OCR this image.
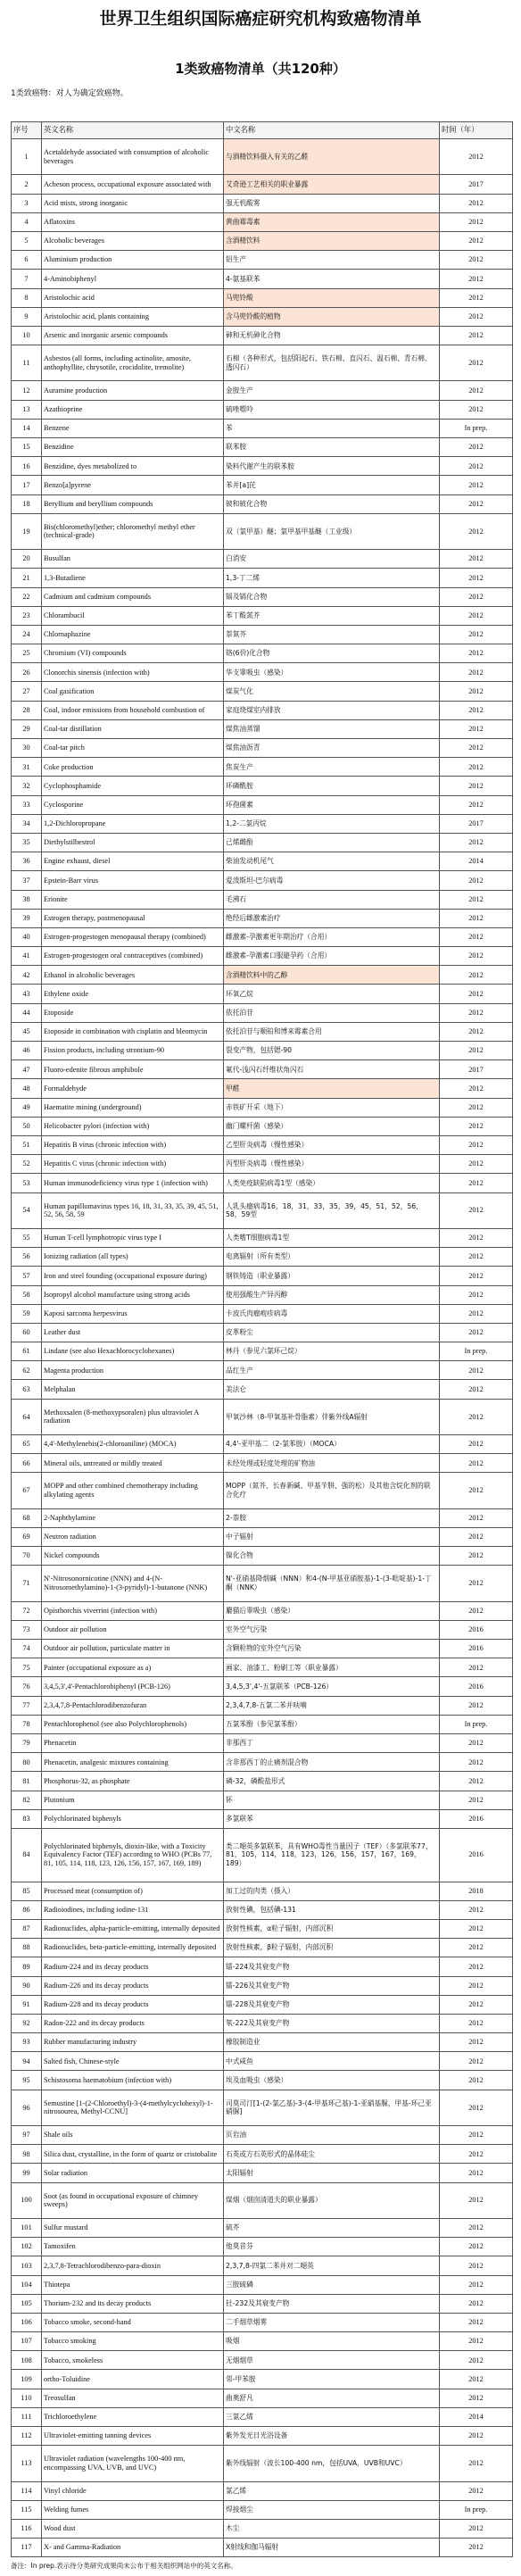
世界卫生组织国际癌症研究机构致癌物清单
1类致癌物清单（共120种）
1类致癌物：对人为确定致癌物。
序号	英文名称	中文名称	时间（年）
1	Acetaldehyde associated with consumption of alcoholic beverages	与酒精饮料摄入有关的乙醛	2012
2	Acheson process, occupational exposure associated with	艾奇逊工艺相关的职业暴露	2017
3	Acid mists, strong inorganic	强无机酸雾	2012
4	Aflatoxins	黄曲霉毒素	2012
5	Alcoholic beverages	含酒精饮料	2012
6	Aluminium production	铝生产	2012
7	4-Aminobiphenyl	4-氨基联苯	2012
8	Aristolochic acid	马兜铃酸	2012
9	Aristolochic acid, plants containing	含马兜铃酸的植物	2012
10	Arsenic and inorganic arsenic compounds	砷和无机砷化合物	2012
11	Asbestos (all forms, including actinolite, amosite, anthophyllite, chrysotile, crocidolite, tremolite)	石棉（各种形式，包括阳起石、铁石棉、直闪石、温石棉、青石棉、透闪石）	2012
12	Auramine production	金胺生产	2012
13	Azathioprine	硫唑嘌呤	2012
14	Benzene	苯	In prep.
15	Benzidine	联苯胺	2012
16	Benzidine, dyes metabolized to	染料代谢产生的联苯胺	2012
17	Benzo[a]pyrene	苯并[a]芘	2012
18	Beryllium and beryllium compounds	铍和铍化合物	2012
19	Bis(chloromethyl)ether; chloromethyl methyl ether (technical-grade)	双（氯甲基）醚；氯甲基甲基醚（工业级）	2012
20	Busulfan	白消安	2012
21	1,3-Butadiene	1,3-丁二烯	2012
22	Cadmium and cadmium compounds	镉及镉化合物	2012
23	Chlorambucil	苯丁酸氮芥	2012
24	Chlornaphazine	萘氮芥	2012
25	Chromium (VI) compounds	铬(6价)化合物	2012
26	Clonorchis sinensis (infection with)	华支睾吸虫（感染）	2012
27	Coal gasification	煤炭气化	2012
28	Coal, indoor emissions from household combustion of	家庭烧煤室内排放	2012
29	Coal-tar distillation	煤焦油蒸馏	2012
30	Coal-tar pitch	煤焦油沥青	2012
31	Coke production	焦炭生产	2012
32	Cyclophosphamide	环磷酰胺	2012
33	Cyclosporine	环孢菌素	2012
34	1,2-Dichloropropane	1,2-二氯丙烷	2017
35	Diethylstilbestrol	己烯雌酚	2012
36	Engine exhaust, diesel	柴油发动机尾气	2014
37	Epstein-Barr virus	爱泼斯坦-巴尔病毒	2012
38	Erionite	毛沸石	2012
39	Estrogen therapy, postmenopausal	绝经后雌激素治疗	2012
40	Estrogen-progestogen menopausal therapy (combined)	雌激素-孕激素更年期治疗（合用）	2012
41	Estrogen-progestogen oral contraceptives (combined)	雌激素-孕激素口服避孕药（合用）	2012
42	Ethanol in alcoholic beverages	含酒精饮料中的乙醇	2012
43	Ethylene oxide	环氧乙烷	2012
44	Etoposide	依托泊苷	2012
45	Etoposide in combination with cisplatin and bleomycin	依托泊苷与顺铂和博来霉素合用	2012
46	Fission products, including strontium-90	裂变产物，包括锶-90	2012
47	Fluoro-edenite fibrous amphibole	氟代-浅闪石纤维状角闪石	2017
48	Formaldehyde	甲醛	2012
49	Haematite mining (underground)	赤铁矿开采（地下）	2012
50	Helicobacter pylori (infection with)	幽门螺杆菌（感染）	2012
51	Hepatitis B virus (chronic infection with)	乙型肝炎病毒（慢性感染）	2012
52	Hepatitis C virus (chronic infection with)	丙型肝炎病毒（慢性感染）	2012
53	Human immunodeficiency virus type 1 (infection with)	人类免疫缺陷病毒1型（感染）	2012
54	Human papillomavirus types 16, 18, 31, 33, 35, 39, 45, 51, 52, 56, 58, 59	人乳头瘤病毒16，18，31，33，35，39，45，51，52，56，58，59型	2012
55	Human T-cell lymphotropic virus type I	人类嗜T细胞病毒1型	2012
56	Ionizing radiation (all types)	电离辐射（所有类型）	2012
57	Iron and steel founding (occupational exposure during)	钢铁铸造（职业暴露）	2012
58	Isopropyl alcohol manufacture using strong acids	使用强酸生产异丙醇	2012
59	Kaposi sarcoma herpesvirus	卡波氏肉瘤疱疹病毒	2012
60	Leather dust	皮革粉尘	2012
61	Lindane (see also Hexachlorocyclohexanes)	林丹（参见六氯环己烷）	In prep.
62	Magenta production	品红生产	2012
63	Melphalan	美法仑	2012
64	Methoxsalen (8-methoxypsoralen) plus ultraviolet A radiation	甲氧沙林（8-甲氧基补骨脂素）伴紫外线A辐射	2012
65	4,4'-Methylenebis(2-chloroaniline) (MOCA)	4,4'-亚甲基二（2-氯苯胺）（MOCA）	2012
66	Mineral oils, untreated or mildly treated	未经处理或轻度处理的矿物油	2012
67	MOPP and other combined chemotherapy including alkylating agents	MOPP（氮芥、长春新碱、甲基苄肼、强的松）及其他含烷化剂的联合化疗	2012
68	2-Naphthylamine	2-萘胺	2012
69	Neutron radiation	中子辐射	2012
70	Nickel compounds	镍化合物	2012
71	N'-Nitrosonornicotine (NNN) and 4-(N-Nitrosomethylamino)-1-(3-pyridyl)-1-butanone (NNK)	N'-亚硝基降烟碱（NNN）和4-(N-甲基亚硝胺基)-1-(3-吡啶基)-1-丁酮（NNK）	2012
72	Opisthorchis viverrini (infection with)	麝猫后睾吸虫（感染）	2012
73	Outdoor air pollution	室外空气污染	2016
74	Outdoor air pollution, particulate matter in	含颗粒物的室外空气污染	2016
75	Painter (occupational exposure as a)	画家、油漆工、粉刷工等（职业暴露）	2012
76	3,4,5,3',4'-Pentachlorobiphenyl (PCB-126)	3,4,5,3',4'-五氯联苯（PCB-126）	2016
77	2,3,4,7,8-Pentachlorodibenzofuran	2,3,4,7,8-五氯二苯并呋喃	2012
78	Pentachlorophenol (see also Polychlorophenols)	五氯苯酚（参见氯苯酚）	In prep.
79	Phenacetin	非那西丁	2012
80	Phenacetin, analgesic mixtures containing	含非那西丁的止痛剂混合物	2012
81	Phosphorus-32, as phosphate	磷-32，磷酸盐形式	2012
82	Plutonium	钚	2012
83	Polychlorinated biphenyls	多氯联苯	2016
84	Polychlorinated biphenyls, dioxin-like, with a Toxicity Equivalency Factor (TEF) according to WHO (PCBs 77, 81, 105, 114, 118, 123, 126, 156, 157, 167, 169, 189)	类二噁英多氯联苯，具有WHO毒性当量因子（TEF）（多氯联苯77，81，105，114，118，123，126，156，157，167，169，189）	2016
85	Processed meat (consumption of)	加工过的肉类（摄入）	2018
86	Radioiodines, including iodine-131	放射性碘，包括碘-131	2012
87	Radionuclides, alpha-particle-emitting, internally deposited	放射性核素，α粒子辐射，内部沉积	2012
88	Radionuclides, beta-particle-emitting, internally deposited	放射性核素，β粒子辐射，内部沉积	2012
89	Radium-224 and its decay products	镭-224及其衰变产物	2012
90	Radium-226 and its decay products	镭-226及其衰变产物	2012
91	Radium-228 and its decay products	镭-228及其衰变产物	2012
92	Radon-222 and its decay products	氡-222及其衰变产物	2012
93	Rubber manufacturing industry	橡胶制造业	2012
94	Salted fish, Chinese-style	中式咸鱼	2012
95	Schistosoma haematobium (infection with)	埃及血吸虫（感染）	2012
96	Semustine [1-(2-Chloroethyl)-3-(4-methylcyclohexyl)-1-nitrosourea, Methyl-CCNU]	司莫司汀[1-(2-氯乙基)-3-(4-甲基环己基)-1-亚硝基脲，甲基-环己亚硝脲]	2012
97	Shale oils	页岩油	2012
98	Silica dust, crystalline, in the form of quartz or cristobalite	石英或方石英形式的晶体硅尘	2012
99	Solar radiation	太阳辐射	2012
100	Soot (as found in occupational exposure of chimney sweeps)	煤烟（烟囱清道夫的职业暴露）	2012
101	Sulfur mustard	硫芥	2012
102	Tamoxifen	他莫昔芬	2012
103	2,3,7,8-Tetrachlorodibenzo-para-dioxin	2,3,7,8-四氯二苯并对二噁英	2012
104	Thiotepa	三胺硫磷	2012
105	Thorium-232 and its decay products	钍-232及其衰变产物	2012
106	Tobacco smoke, second-hand	二手烟草烟雾	2012
107	Tobacco smoking	吸烟	2012
108	Tobacco, smokeless	无烟烟草	2012
109	ortho-Toluidine	邻-甲苯胺	2012
110	Treosulfan	曲奥舒凡	2012
111	Trichloroethylene	三氯乙烯	2014
112	Ultraviolet-emitting tanning devices	紫外发光日光浴设备	2012
113	Ultraviolet radiation (wavelengths 100-400 nm, encompassing UVA, UVB, and UVC)	紫外线辐射（波长100-400 nm，包括UVA，UVB和UVC）	2012
114	Vinyl chloride	氯乙烯	2012
115	Welding fumes	焊接烟尘	In prep.
116	Wood dust	木尘	2012
117	X- and Gamma-Radiation	X射线和伽马辐射	2012
备注：In prep.表示待分类研究成果尚未公布于相关组织网站中的英文名称。
